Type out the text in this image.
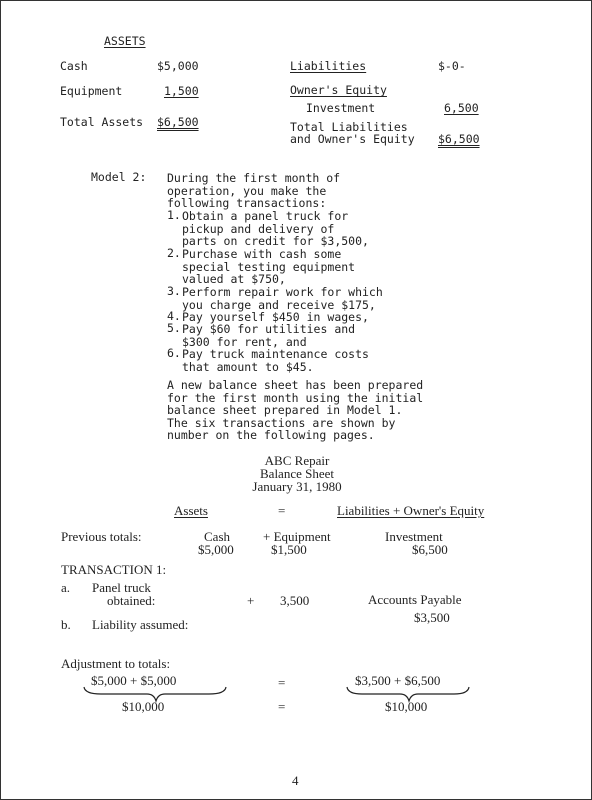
ASSETS
Cash	$5,000
Equipment	1,500
Total Assets $6,500
Liabilities	$-0-
Owner's Equity
Investment	6,500
Total Liabilities
and Owner's Equity $6,500
Model 2: During the first month of
operation, you make the
following transactions:
1. Obtain a panel truck for
pickup and delivery of
parts on credit for $3,500,
2. Purchase with cash some
special testing equipment
valued at $750,
3. Perform repair work for which
you charge and receive $175,
4. Pay yourself $450 in wages,
5. Pay $60 for utilities and
$300 for rent, and
6. Pay truck maintenance costs
that amount to $45.
A new balance sheet has been prepared
for the first month using the initial
balance sheet prepared in Model 1.
The six transactions are shown by
number on the following pages.
ABC Repair
Balance Sheet
January 31, 1980
Assets	=	Liabilities + Owner's Equity
Previous totals:	Cash	+ Equipment	Investment
$5,000	$1,500	$6,500
TRANSACTION 1:
a. Panel truck
obtained:	+ 3,500	Accounts Payable
$3,500
b. Liability assumed:
Adjustment to totals:
$5,000 + $5,000	=	$3,500 + $6,500
$10,000	=	$10,000
4
